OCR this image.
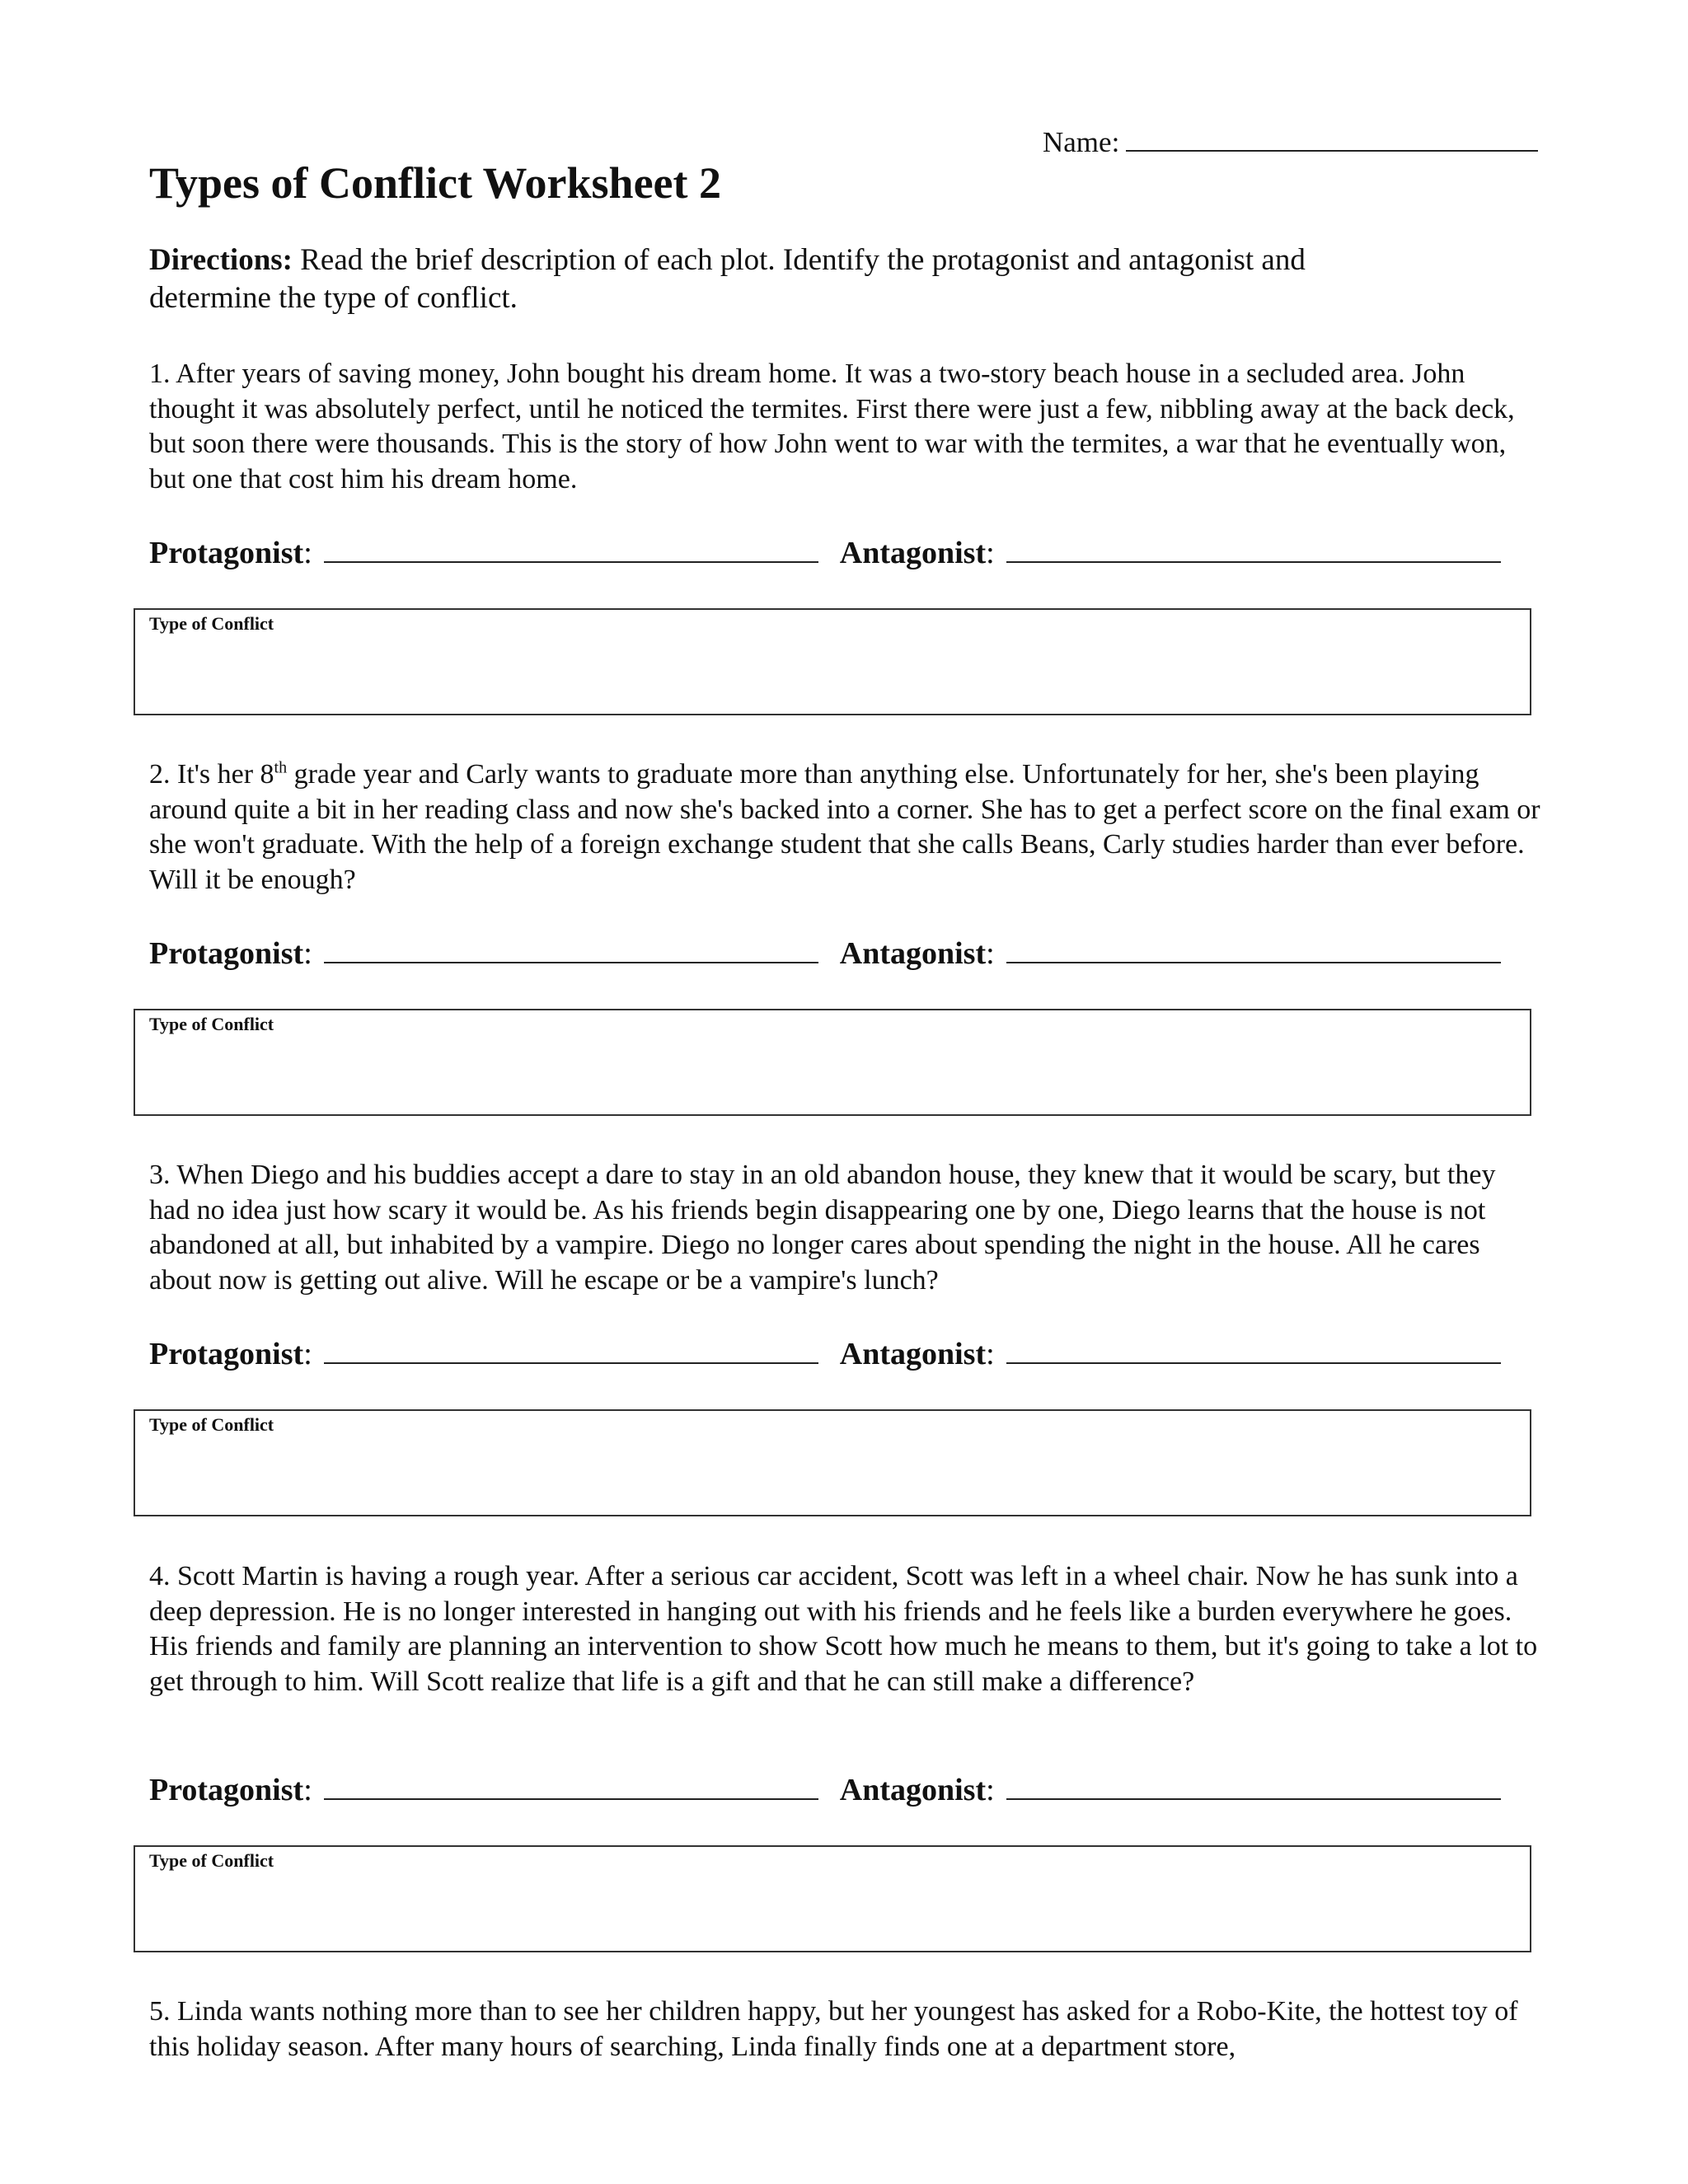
Name:
Types of Conflict Worksheet 2

Directions: Read the brief description of each plot. Identify the protagonist and antagonist and determine the type of conflict.

1. After years of saving money, John bought his dream home. It was a two-story beach house in a secluded area. John thought it was absolutely perfect, until he noticed the termites. First there were just a few, nibbling away at the back deck, but soon there were thousands. This is the story of how John went to war with the termites, a war that he eventually won, but one that cost him his dream home.

Protagonist:	Antagonist:
Type of Conflict

2. It's her 8th grade year and Carly wants to graduate more than anything else. Unfortunately for her, she's been playing around quite a bit in her reading class and now she's backed into a corner. She has to get a perfect score on the final exam or she won't graduate. With the help of a foreign exchange student that she calls Beans, Carly studies harder than ever before. Will it be enough?

Protagonist:	Antagonist:
Type of Conflict

3. When Diego and his buddies accept a dare to stay in an old abandon house, they knew that it would be scary, but they had no idea just how scary it would be. As his friends begin disappearing one by one, Diego learns that the house is not abandoned at all, but inhabited by a vampire. Diego no longer cares about spending the night in the house. All he cares about now is getting out alive. Will he escape or be a vampire's lunch?

Protagonist:	Antagonist:
Type of Conflict

4. Scott Martin is having a rough year. After a serious car accident, Scott was left in a wheel chair. Now he has sunk into a deep depression. He is no longer interested in hanging out with his friends and he feels like a burden everywhere he goes. His friends and family are planning an intervention to show Scott how much he means to them, but it's going to take a lot to get through to him. Will Scott realize that life is a gift and that he can still make a difference?

Protagonist:	Antagonist:
Type of Conflict

5. Linda wants nothing more than to see her children happy, but her youngest has asked for a Robo-Kite, the hottest toy of this holiday season. After many hours of searching, Linda finally finds one at a department store,
